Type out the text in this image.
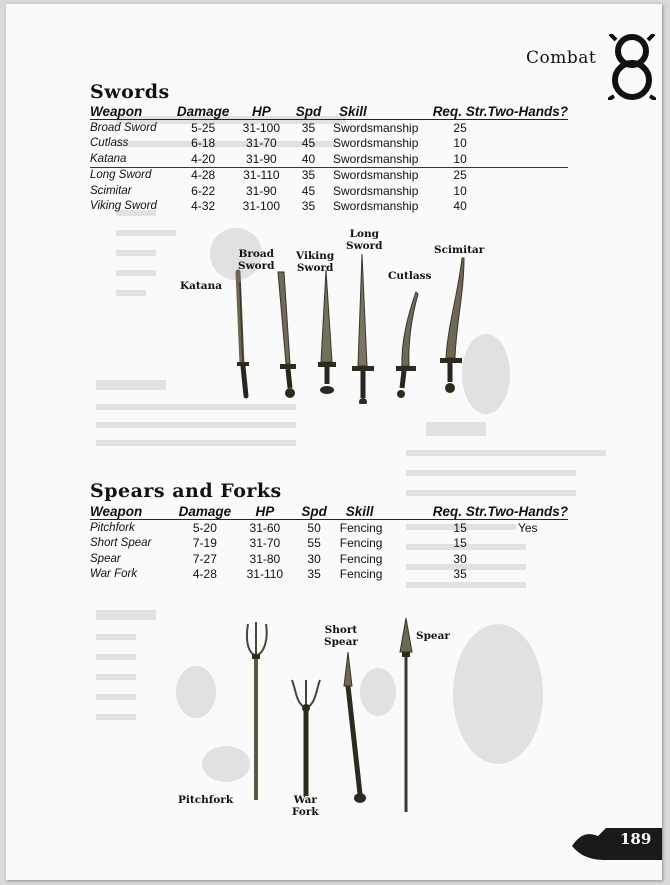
Combat
Swords
Weapon	Damage	HP	Spd	Skill	Req. Str.	Two-Hands?
Broad Sword	5-25	31-100	35	Swordsmanship	25	
Cutlass	6-18	31-70	45	Swordsmanship	10	
Katana	4-20	31-90	40	Swordsmanship	10	
Long Sword	4-28	31-110	35	Swordsmanship	25	
Scimitar	6-22	31-90	45	Swordsmanship	10	
Viking Sword	4-32	31-100	35	Swordsmanship	40	
Katana
Broad
Sword
Viking
Sword
Long
Sword
Cutlass
Scimitar
Spears and Forks
Weapon	Damage	HP	Spd	Skill	Req. Str.	Two-Hands?
Pitchfork	5-20	31-60	50	Fencing	15	Yes
Short Spear	7-19	31-70	55	Fencing	15	
Spear	7-27	31-80	30	Fencing	30	
War Fork	4-28	31-110	35	Fencing	35	
Short
Spear	Spear
Pitchfork	War
Fork
189
